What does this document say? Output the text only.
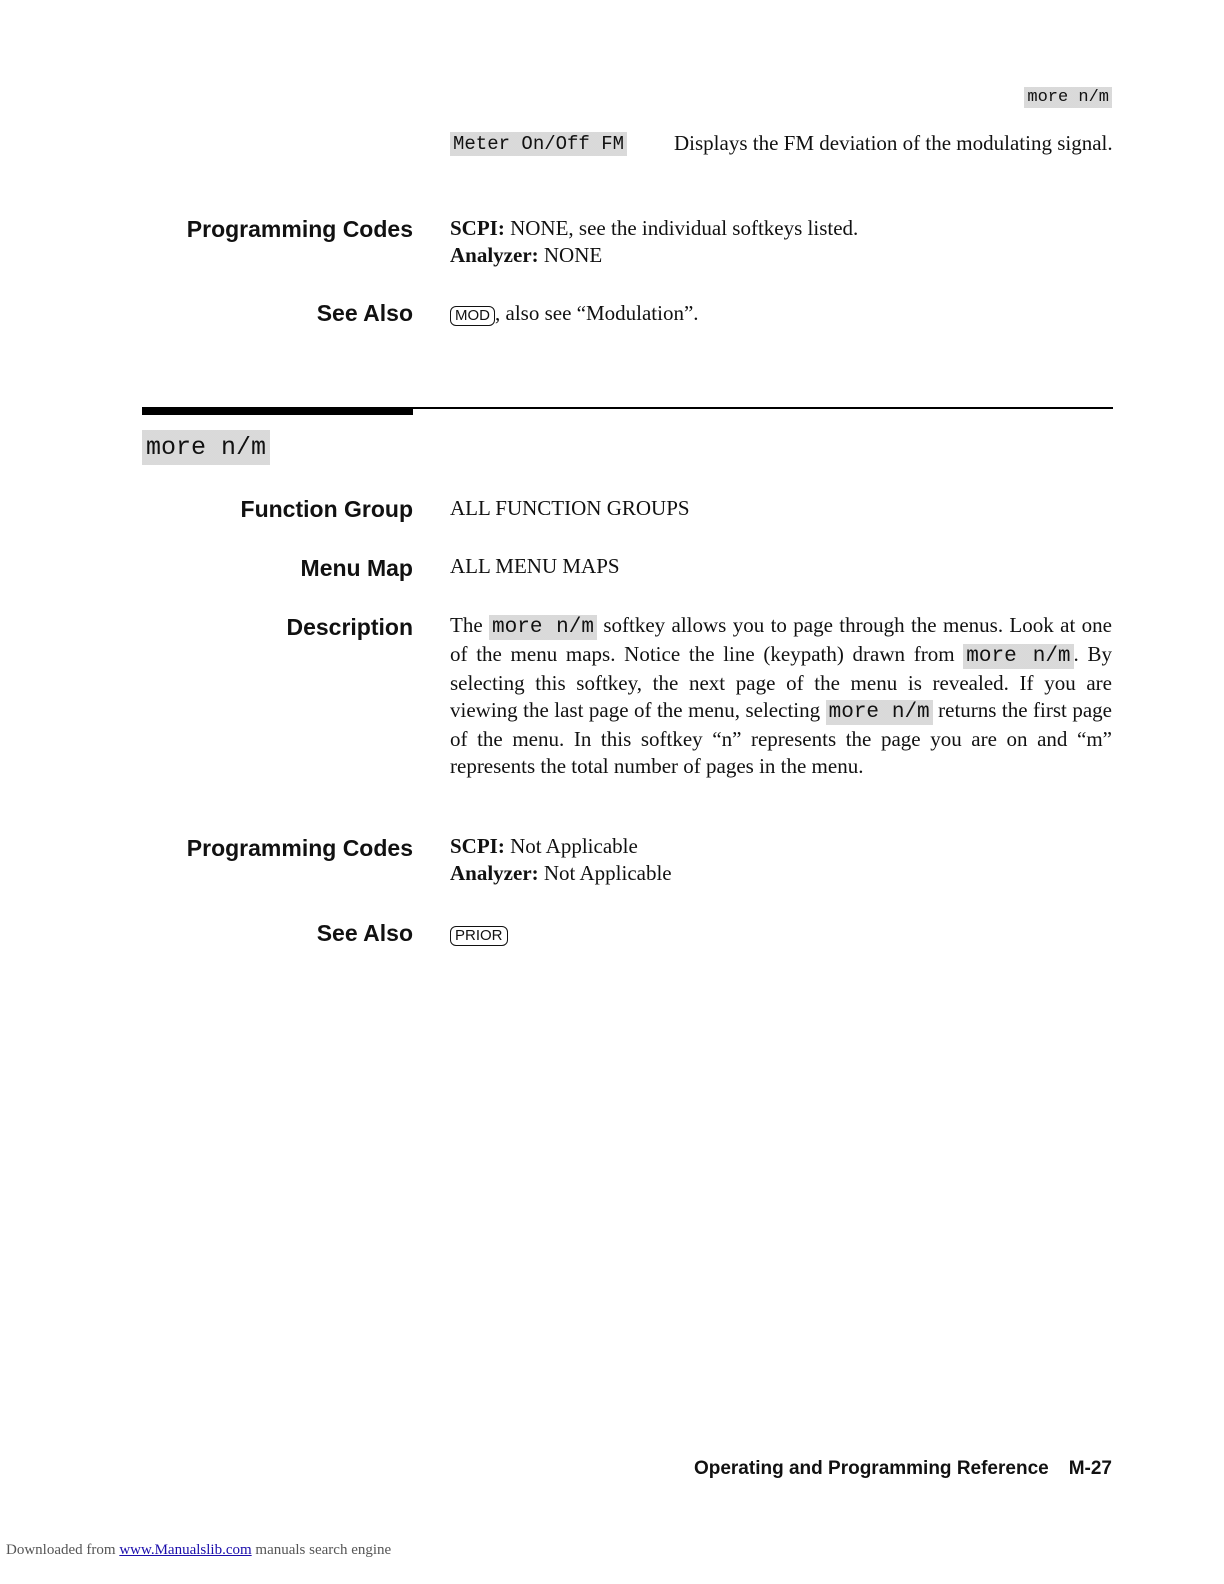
more n/m
Meter On/Off FM Displays the FM deviation of the modulating signal.
Programming Codes SCPI: NONE, see the individual softkeys listed.
Analyzer: NONE
See Also	MOD , also see “Modulation”.
more n/m
Function Group ALL FUNCTION GROUPS
Menu Map ALL MENU MAPS
Description The more n/m softkey allows you to page through the menus. Look at one of the menu maps. Notice the line (keypath) drawn from more n/m . By selecting this softkey, the next page of the menu is revealed. If you are viewing the last page of the menu, selecting more n/m returns the first page of the menu. In this softkey “n” represents the page you are on and “m” represents the total number of pages in the menu.
Programming Codes SCPI: Not Applicable
Analyzer: Not Applicable
See Also	PRIOR
Operating and Programming Reference M-27
Downloaded from www.Manualslib.com manuals search engine
